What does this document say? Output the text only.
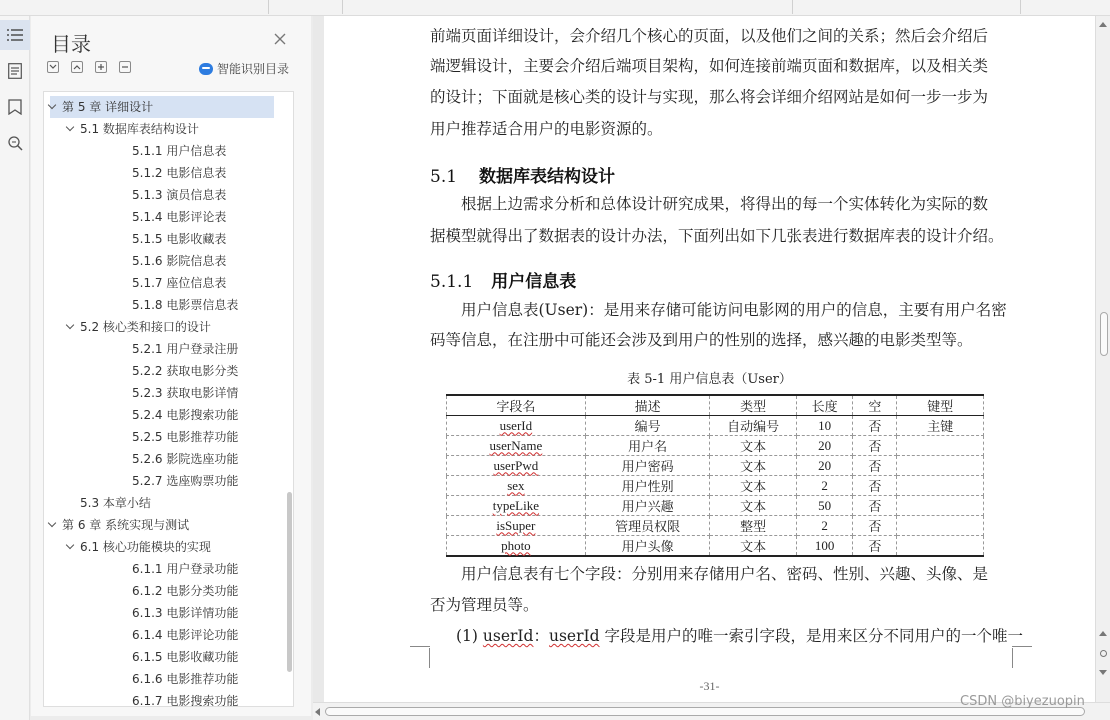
目录
智能识别目录
第 5 章 详细设计
5.1 数据库表结构设计
5.1.1 用户信息表
5.1.2 电影信息表
5.1.3 演员信息表
5.1.4 电影评论表
5.1.5 电影收藏表
5.1.6 影院信息表
5.1.7 座位信息表
5.1.8 电影票信息表
5.2 核心类和接口的设计
5.2.1 用户登录注册
5.2.2 获取电影分类
5.2.3 获取电影详情
5.2.4 电影搜索功能
5.2.5 电影推荐功能
5.2.6 影院选座功能
5.2.7 选座购票功能
5.3 本章小结
第 6 章 系统实现与测试
6.1 核心功能模块的实现
6.1.1 用户登录功能
6.1.2 电影分类功能
6.1.3 电影详情功能
6.1.4 电影评论功能
6.1.5 电影收藏功能
6.1.6 电影推荐功能
6.1.7 电影搜索功能
前端页面详细设计，会介绍几个核心的页面，以及他们之间的关系；然后会介绍后
端逻辑设计，主要会介绍后端项目架构，如何连接前端页面和数据库，以及相关类
的设计；下面就是核心类的设计与实现，那么将会详细介绍网站是如何一步一步为
用户推荐适合用户的电影资源的。
5.1 数据库表结构设计
根据上边需求分析和总体设计研究成果，将得出的每一个实体转化为实际的数
据模型就得出了数据表的设计办法，下面列出如下几张表进行数据库表的设计介绍。
5.1.1 用户信息表
用户信息表(User)：是用来存储可能访问电影网的用户的信息，主要有用户名密
码等信息，在注册中可能还会涉及到用户的性别的选择，感兴趣的电影类型等。
表 5-1 用户信息表（User）
字段名	描述	类型	长度	空	键型
userId	编号	自动编号	10	否	主键
userName	用户名	文本	20	否	
userPwd	用户密码	文本	20	否	
sex	用户性别	文本	2	否	
typeLike	用户兴趣	文本	50	否	
isSuper	管理员权限	整型	2	否	
photo	用户头像	文本	100	否	
用户信息表有七个字段：分别用来存储用户名、密码、性别、兴趣、头像、是
否为管理员等。
(1) userId：userId 字段是用户的唯一索引字段，是用来区分不同用户的一个唯一
-31-
CSDN @biyezuopin
